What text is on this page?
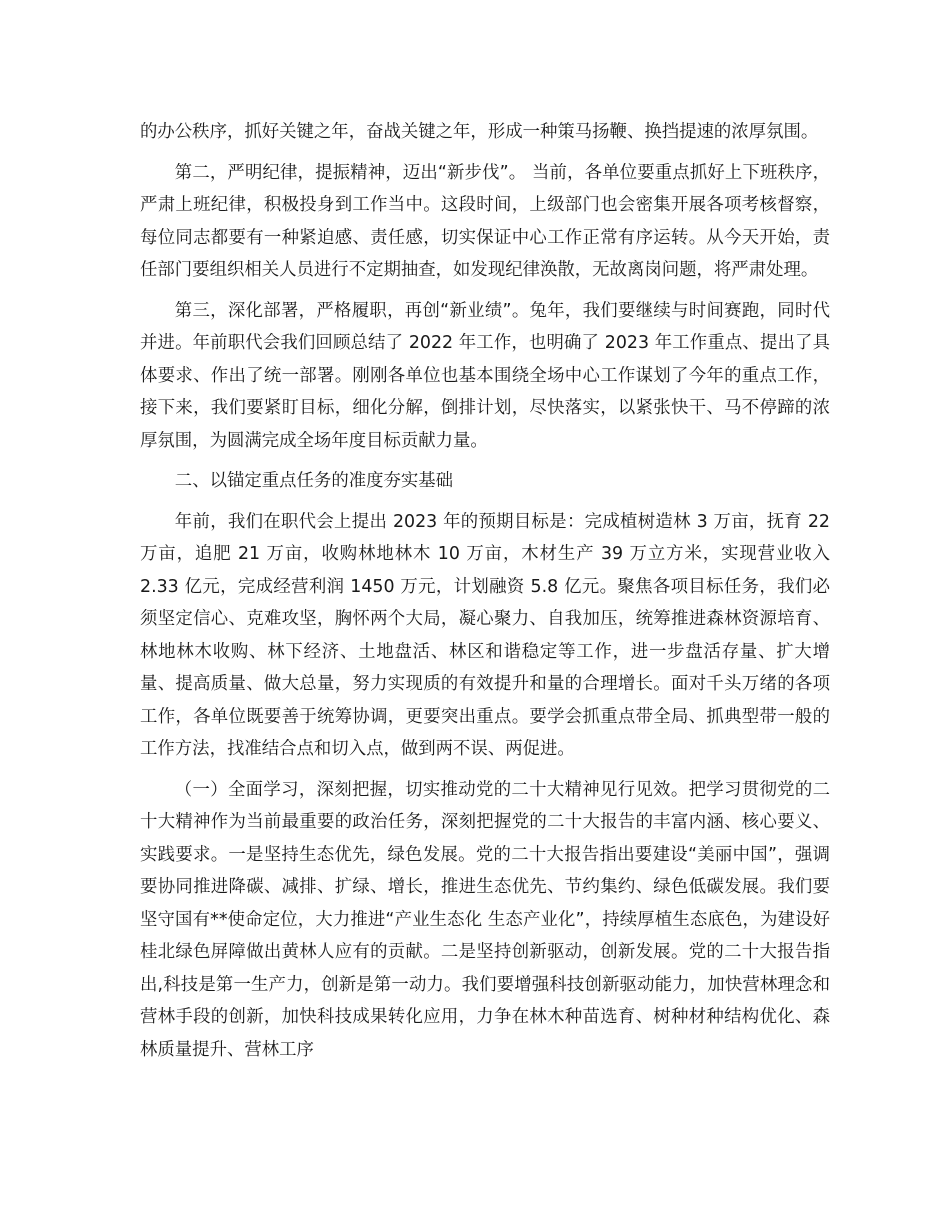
的办公秩序，抓好关键之年，奋战关键之年，形成一种策马扬鞭、换挡提速的浓厚氛围。

第二，严明纪律，提振精神，迈出“新步伐”。 当前，各单位要重点抓好上下班秩序，严肃上班纪律，积极投身到工作当中。这段时间，上级部门也会密集开展各项考核督察，每位同志都要有一种紧迫感、责任感，切实保证中心工作正常有序运转。从今天开始，责任部门要组织相关人员进行不定期抽查，如发现纪律涣散，无故离岗问题，将严肃处理。

第三，深化部署，严格履职，再创“新业绩”。兔年，我们要继续与时间赛跑，同时代并进。年前职代会我们回顾总结了 2022 年工作，也明确了 2023 年工作重点、提出了具体要求、作出了统一部署。刚刚各单位也基本围绕全场中心工作谋划了今年的重点工作，接下来，我们要紧盯目标，细化分解，倒排计划，尽快落实，以紧张快干、马不停蹄的浓厚氛围，为圆满完成全场年度目标贡献力量。

二、以锚定重点任务的准度夯实基础

年前，我们在职代会上提出 2023 年的预期目标是：完成植树造林 3 万亩，抚育 22 万亩，追肥 21 万亩，收购林地林木 10 万亩，木材生产 39 万立方米，实现营业收入 2.33 亿元，完成经营利润 1450 万元，计划融资 5.8 亿元。聚焦各项目标任务，我们必须坚定信心、克难攻坚，胸怀两个大局，凝心聚力、自我加压，统筹推进森林资源培育、林地林木收购、林下经济、土地盘活、林区和谐稳定等工作，进一步盘活存量、扩大增量、提高质量、做大总量，努力实现质的有效提升和量的合理增长。面对千头万绪的各项工作，各单位既要善于统筹协调，更要突出重点。要学会抓重点带全局、抓典型带一般的工作方法，找准结合点和切入点，做到两不误、两促进。

（一）全面学习，深刻把握，切实推动党的二十大精神见行见效。把学习贯彻党的二十大精神作为当前最重要的政治任务，深刻把握党的二十大报告的丰富内涵、核心要义、实践要求。一是坚持生态优先，绿色发展。党的二十大报告指出要建设“美丽中国”，强调要协同推进降碳、减排、扩绿、增长，推进生态优先、节约集约、绿色低碳发展。我们要坚守国有**使命定位，大力推进“产业生态化 生态产业化”，持续厚植生态底色，为建设好桂北绿色屏障做出黄林人应有的贡献。二是坚持创新驱动，创新发展。党的二十大报告指出,科技是第一生产力，创新是第一动力。我们要增强科技创新驱动能力，加快营林理念和营林手段的创新，加快科技成果转化应用，力争在林木种苗选育、树种材种结构优化、森林质量提升、营林工序
